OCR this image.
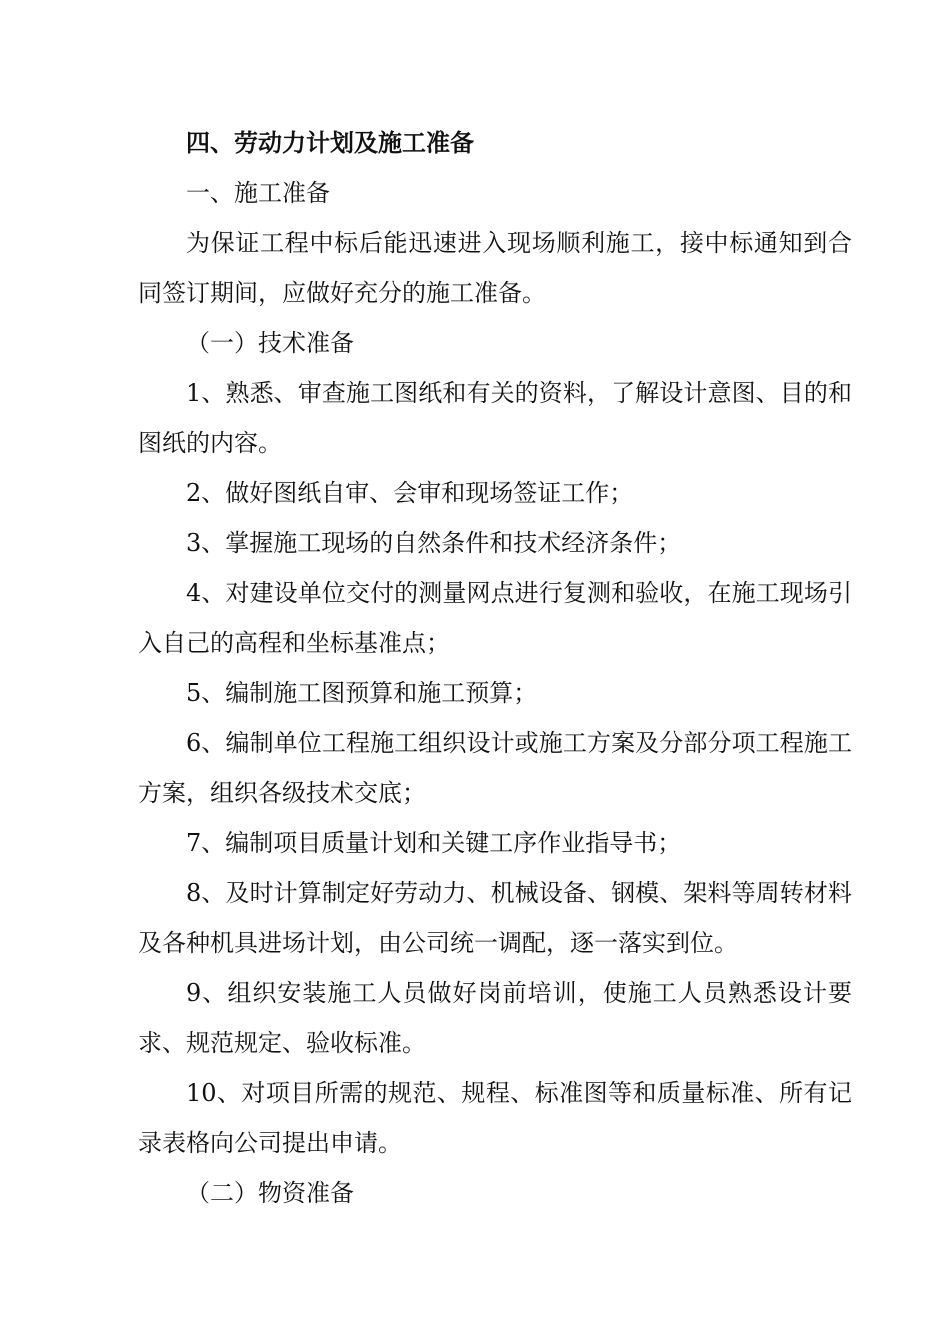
四、劳动力计划及施工准备

一、施工准备

为保证工程中标后能迅速进入现场顺利施工，接中标通知到合同签订期间，应做好充分的施工准备。

（一）技术准备

1、熟悉、审查施工图纸和有关的资料，了解设计意图、目的和图纸的内容。

2、做好图纸自审、会审和现场签证工作；

3、掌握施工现场的自然条件和技术经济条件；

4、对建设单位交付的测量网点进行复测和验收，在施工现场引入自己的高程和坐标基准点；

5、编制施工图预算和施工预算；

6、编制单位工程施工组织设计或施工方案及分部分项工程施工方案，组织各级技术交底；

7、编制项目质量计划和关键工序作业指导书；

8、及时计算制定好劳动力、机械设备、钢模、架料等周转材料及各种机具进场计划，由公司统一调配，逐一落实到位。

9、组织安装施工人员做好岗前培训，使施工人员熟悉设计要求、规范规定、验收标准。

10、对项目所需的规范、规程、标准图等和质量标准、所有记录表格向公司提出申请。

（二）物资准备
